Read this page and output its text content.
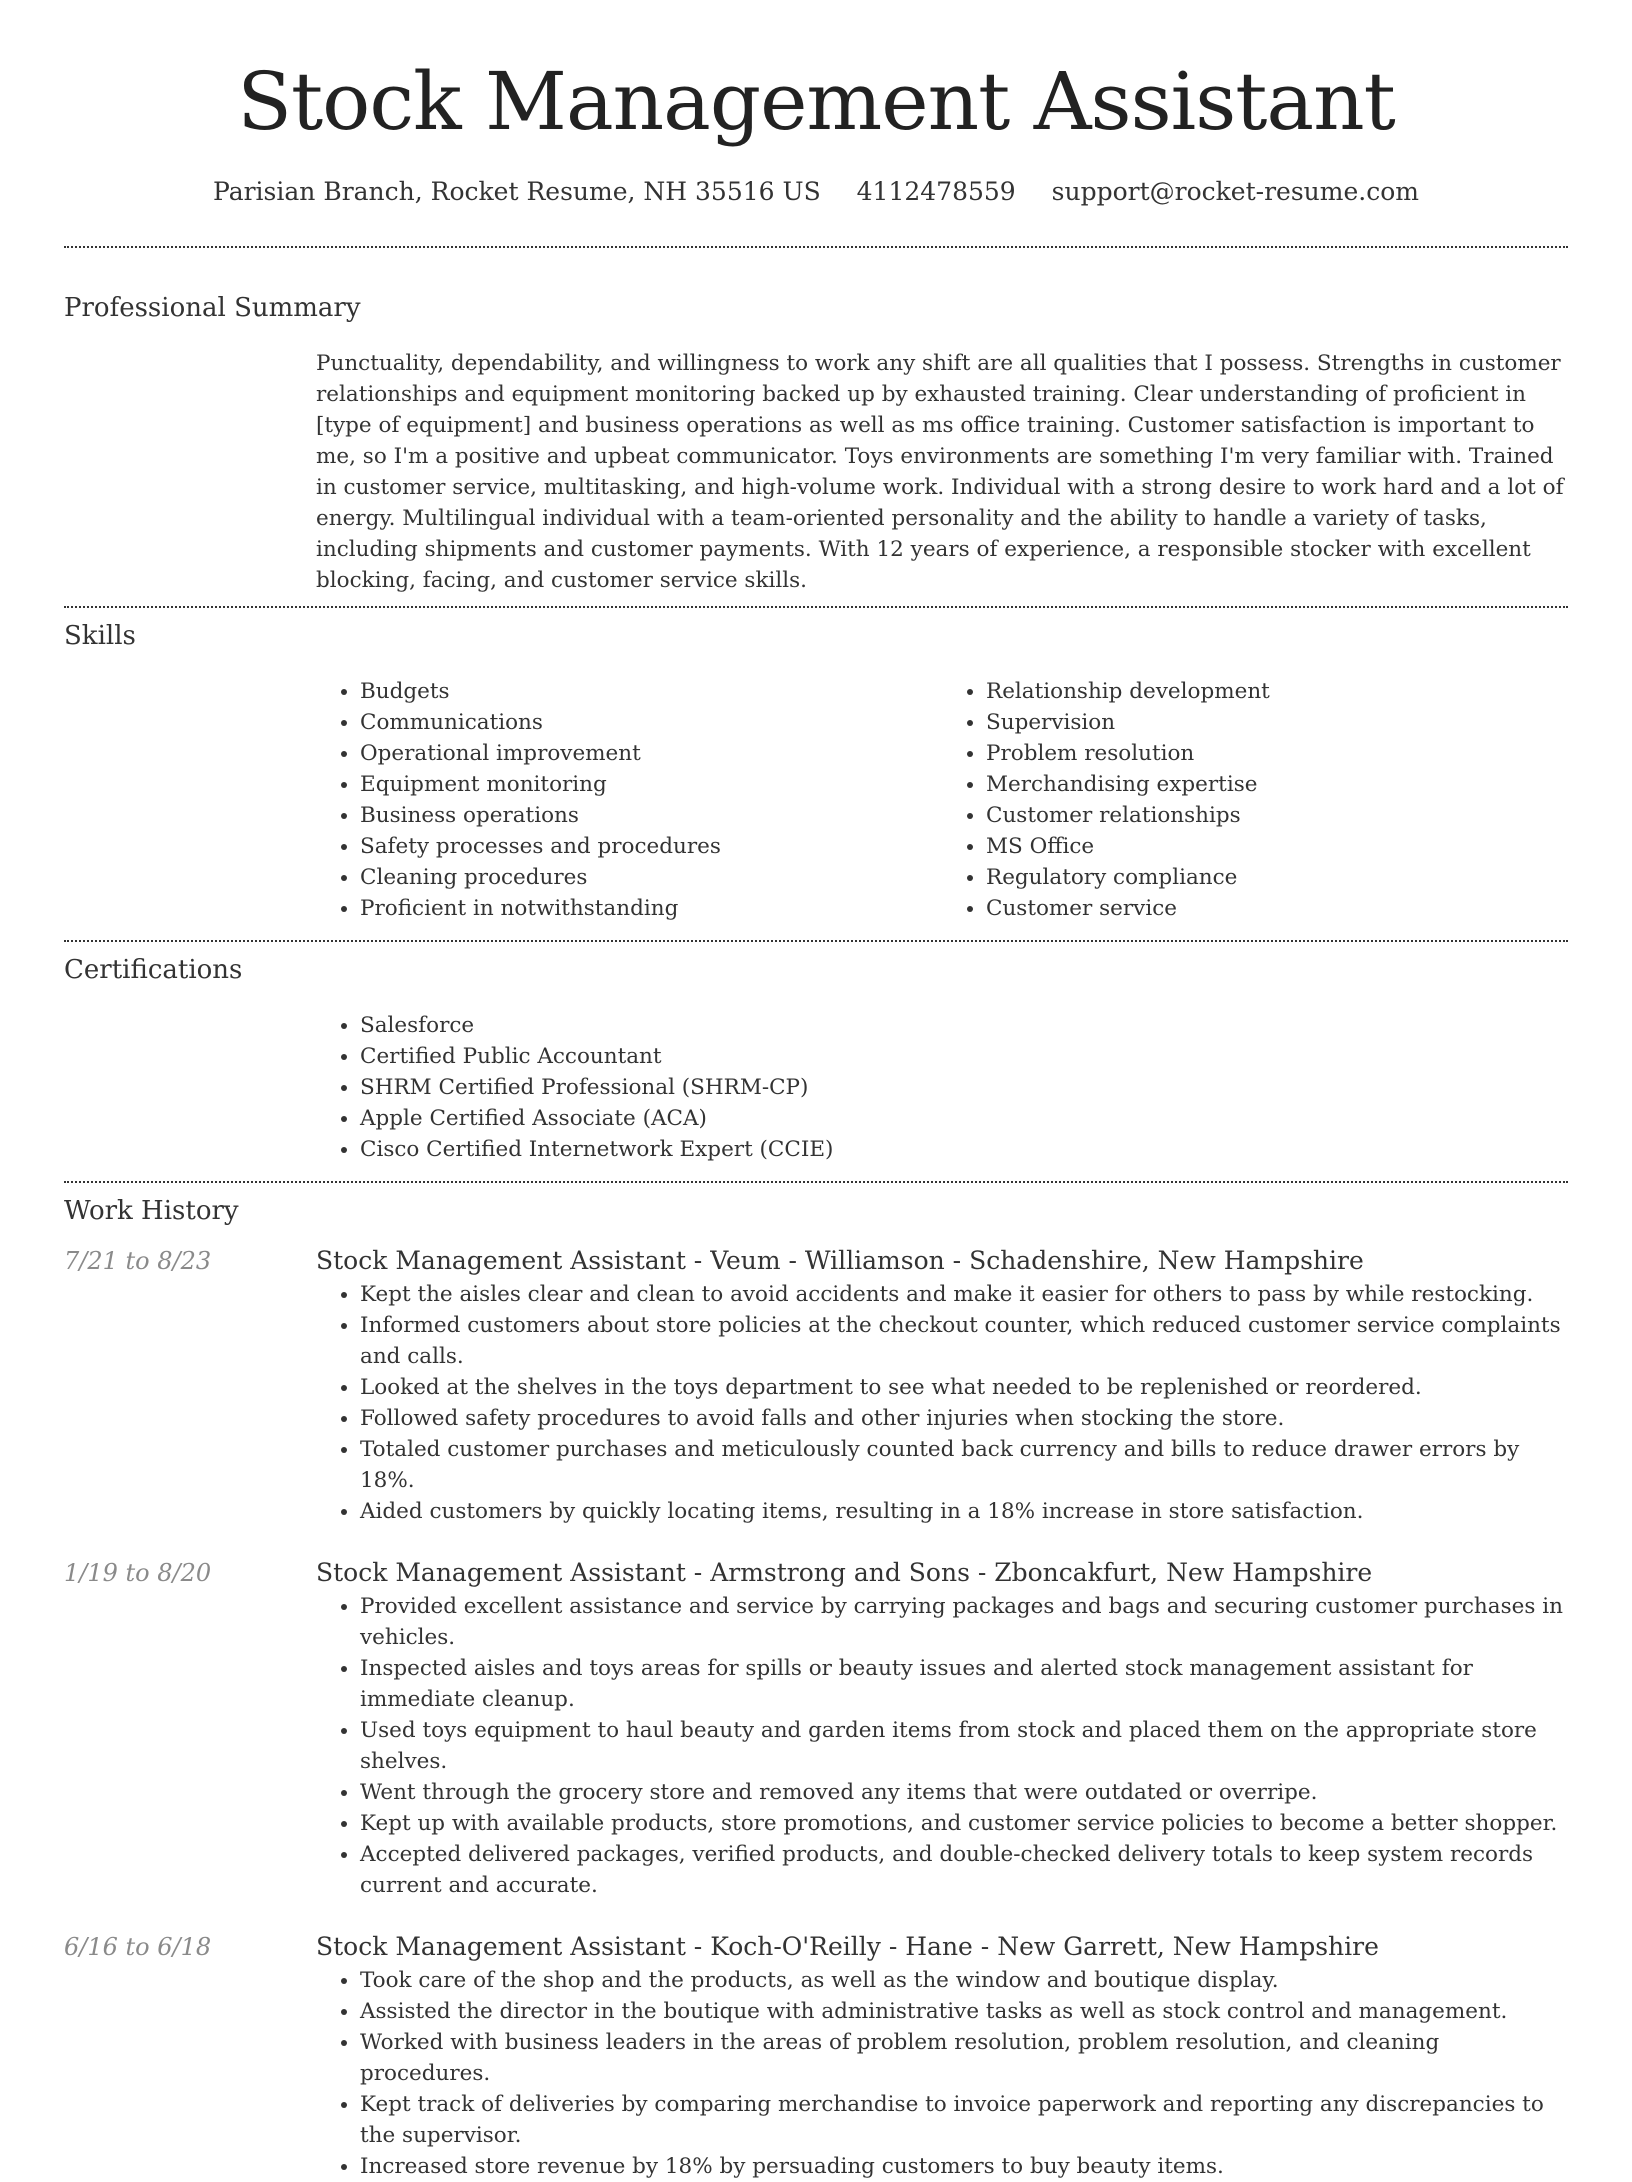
Stock Management Assistant
Parisian Branch, Rocket Resume, NH 35516 US 4112478559 support@rocket-resume.com
Professional Summary

Punctuality, dependability, and willingness to work any shift are all qualities that I possess. Strengths in customer relationships and equipment monitoring backed up by exhausted training. Clear understanding of proficient in [type of equipment] and business operations as well as ms office training. Customer satisfaction is important to me, so I'm a positive and upbeat communicator. Toys environments are something I'm very familiar with. Trained in customer service, multitasking, and high-volume work. Individual with a strong desire to work hard and a lot of energy. Multilingual individual with a team-oriented personality and the ability to handle a variety of tasks, including shipments and customer payments. With 12 years of experience, a responsible stocker with excellent blocking, facing, and customer service skills.

Skills
• Budgets
• Communications
• Operational improvement
• Equipment monitoring
• Business operations
• Safety processes and procedures
• Cleaning procedures
• Proficient in notwithstanding
• Relationship development
• Supervision
• Problem resolution
• Merchandising expertise
• Customer relationships
• MS Office
• Regulatory compliance
• Customer service
Certifications
• Salesforce
• Certified Public Accountant
• SHRM Certified Professional (SHRM-CP)
• Apple Certified Associate (ACA)
• Cisco Certified Internetwork Expert (CCIE)
Work History
7/21 to 8/23	Stock Management Assistant - Veum - Williamson - Schadenshire, New Hampshire
• Kept the aisles clear and clean to avoid accidents and make it easier for others to pass by while restocking.
• Informed customers about store policies at the checkout counter, which reduced customer service complaints and calls.
• Looked at the shelves in the toys department to see what needed to be replenished or reordered.
• Followed safety procedures to avoid falls and other injuries when stocking the store.
• Totaled customer purchases and meticulously counted back currency and bills to reduce drawer errors by 18%.
• Aided customers by quickly locating items, resulting in a 18% increase in store satisfaction.
1/19 to 8/20	Stock Management Assistant - Armstrong and Sons - Zboncakfurt, New Hampshire
• Provided excellent assistance and service by carrying packages and bags and securing customer purchases in vehicles.
• Inspected aisles and toys areas for spills or beauty issues and alerted stock management assistant for immediate cleanup.
• Used toys equipment to haul beauty and garden items from stock and placed them on the appropriate store shelves.
• Went through the grocery store and removed any items that were outdated or overripe.
• Kept up with available products, store promotions, and customer service policies to become a better shopper.
• Accepted delivered packages, verified products, and double-checked delivery totals to keep system records current and accurate.
6/16 to 6/18	Stock Management Assistant - Koch-O'Reilly - Hane - New Garrett, New Hampshire
• Took care of the shop and the products, as well as the window and boutique display.
• Assisted the director in the boutique with administrative tasks as well as stock control and management.
• Worked with business leaders in the areas of problem resolution, problem resolution, and cleaning procedures.
• Kept track of deliveries by comparing merchandise to invoice paperwork and reporting any discrepancies to the supervisor.
• Increased store revenue by 18% by persuading customers to buy beauty items.
